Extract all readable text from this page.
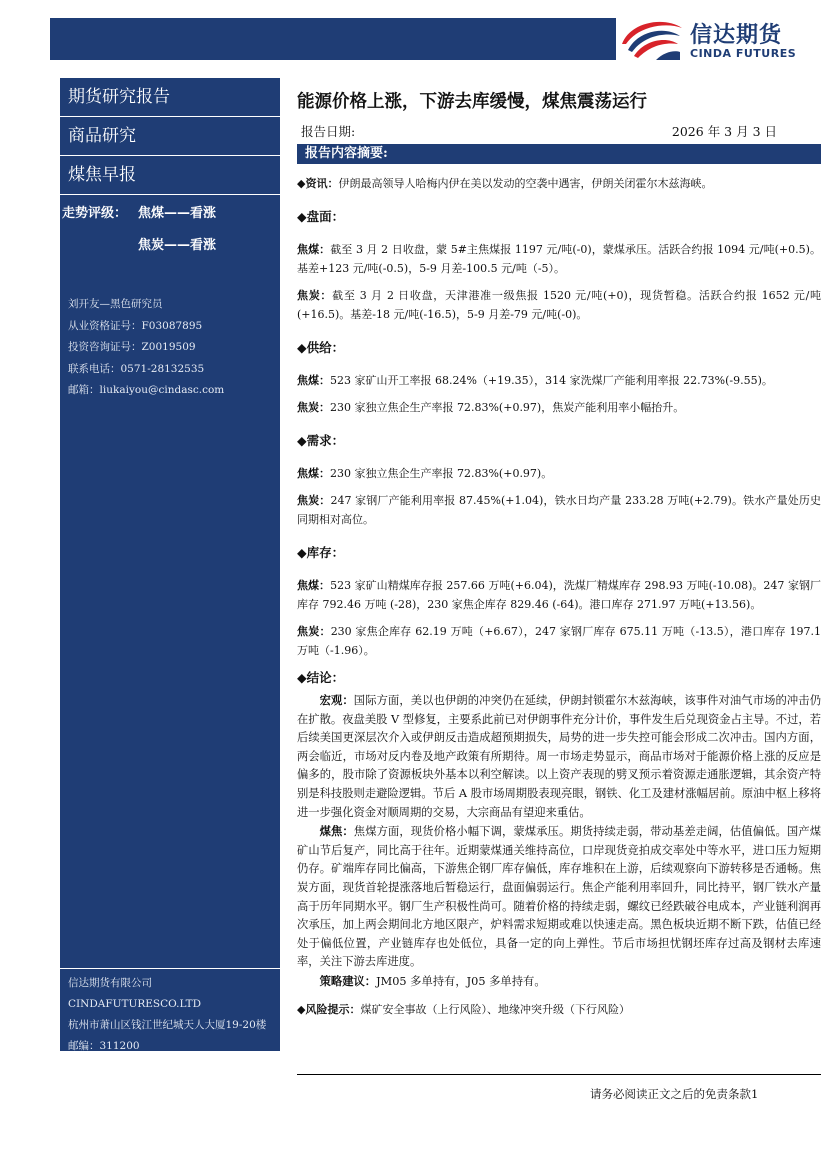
信达期货
CINDA FUTURES
期货研究报告
商品研究
煤焦早报
走势评级： 焦煤——看涨
焦炭——看涨
刘开友—黑色研究员
从业资格证号：F03087895
投资咨询证号：Z0019509
联系电话：0571-28132535
邮箱：liukaiyou@cindasc.com
信达期货有限公司
CINDAFUTURESCO.LTD
杭州市萧山区钱江世纪城天人大厦19-20楼
邮编：311200
能源价格上涨，下游去库缓慢，煤焦震荡运行
报告日期:	2026 年 3 月 3 日
报告内容摘要:

◆资讯：伊朗最高领导人哈梅内伊在美以发动的空袭中遇害，伊朗关闭霍尔木兹海峡。

◆盘面：

焦煤：截至 3 月 2 日收盘，蒙 5#主焦煤报 1197 元/吨(-0)，蒙煤承压。活跃合约报 1094 元/吨(+0.5)。基差+123 元/吨(-0.5)，5-9 月差-100.5 元/吨（-5）。

焦炭：截至 3 月 2 日收盘，天津港准一级焦报 1520 元/吨(+0)，现货暂稳。活跃合约报 1652 元/吨(+16.5)。基差-18 元/吨(-16.5)，5-9 月差-79 元/吨(-0)。

◆供给：

焦煤：523 家矿山开工率报 68.24%（+19.35），314 家洗煤厂产能利用率报 22.73%(-9.55)。

焦炭：230 家独立焦企生产率报 72.83%(+0.97)，焦炭产能利用率小幅抬升。

◆需求：

焦煤：230 家独立焦企生产率报 72.83%(+0.97)。

焦炭：247 家钢厂产能利用率报 87.45%(+1.04)，铁水日均产量 233.28 万吨(+2.79)。铁水产量处历史同期相对高位。

◆库存：

焦煤：523 家矿山精煤库存报 257.66 万吨(+6.04)，洗煤厂精煤库存 298.93 万吨(-10.08)。247 家钢厂库存 792.46 万吨 (-28)，230 家焦企库存 829.46 (-64)。港口库存 271.97 万吨(+13.56)。

焦炭：230 家焦企库存 62.19 万吨（+6.67），247 家钢厂库存 675.11 万吨（-13.5），港口库存 197.1 万吨（-1.96）。

◆结论：

宏观：国际方面，美以也伊朗的冲突仍在延续，伊朗封锁霍尔木兹海峡，该事件对油气市场的冲击仍在扩散。夜盘美股 V 型修复，主要系此前已对伊朗事件充分计价，事件发生后兑现资金占主导。不过，若后续美国更深层次介入或伊朗反击造成超预期损失，局势的进一步失控可能会形成二次冲击。国内方面，两会临近，市场对反内卷及地产政策有所期待。周一市场走势显示，商品市场对于能源价格上涨的反应是偏多的，股市除了资源板块外基本以利空解读。以上资产表现的劈叉预示着资源走通胀逻辑，其余资产特别是科技股则走避险逻辑。节后 A 股市场周期股表现亮眼，钢铁、化工及建材涨幅居前。原油中枢上移将进一步强化资金对顺周期的交易，大宗商品有望迎来重估。

煤焦：焦煤方面，现货价格小幅下调，蒙煤承压。期货持续走弱，带动基差走阔，估值偏低。国产煤矿山节后复产，同比高于往年。近期蒙煤通关维持高位，口岸现货竞拍成交率处中等水平，进口压力短期仍存。矿端库存同比偏高，下游焦企钢厂库存偏低，库存堆积在上游，后续观察向下游转移是否通畅。焦炭方面，现货首轮提涨落地后暂稳运行，盘面偏弱运行。焦企产能利用率回升，同比持平，钢厂铁水产量高于历年同期水平。钢厂生产积极性尚可。随着价格的持续走弱，螺纹已经跌破谷电成本，产业链利润再次承压，加上两会期间北方地区限产，炉料需求短期或难以快速走高。黑色板块近期不断下跌，估值已经处于偏低位置，产业链库存也处低位，具备一定的向上弹性。节后市场担忧钢坯库存过高及钢材去库速率，关注下游去库进度。

策略建议：JM05 多单持有，J05 多单持有。

◆风险提示：煤矿安全事故（上行风险）、地缘冲突升级（下行风险）

请务必阅读正文之后的免责条款1
